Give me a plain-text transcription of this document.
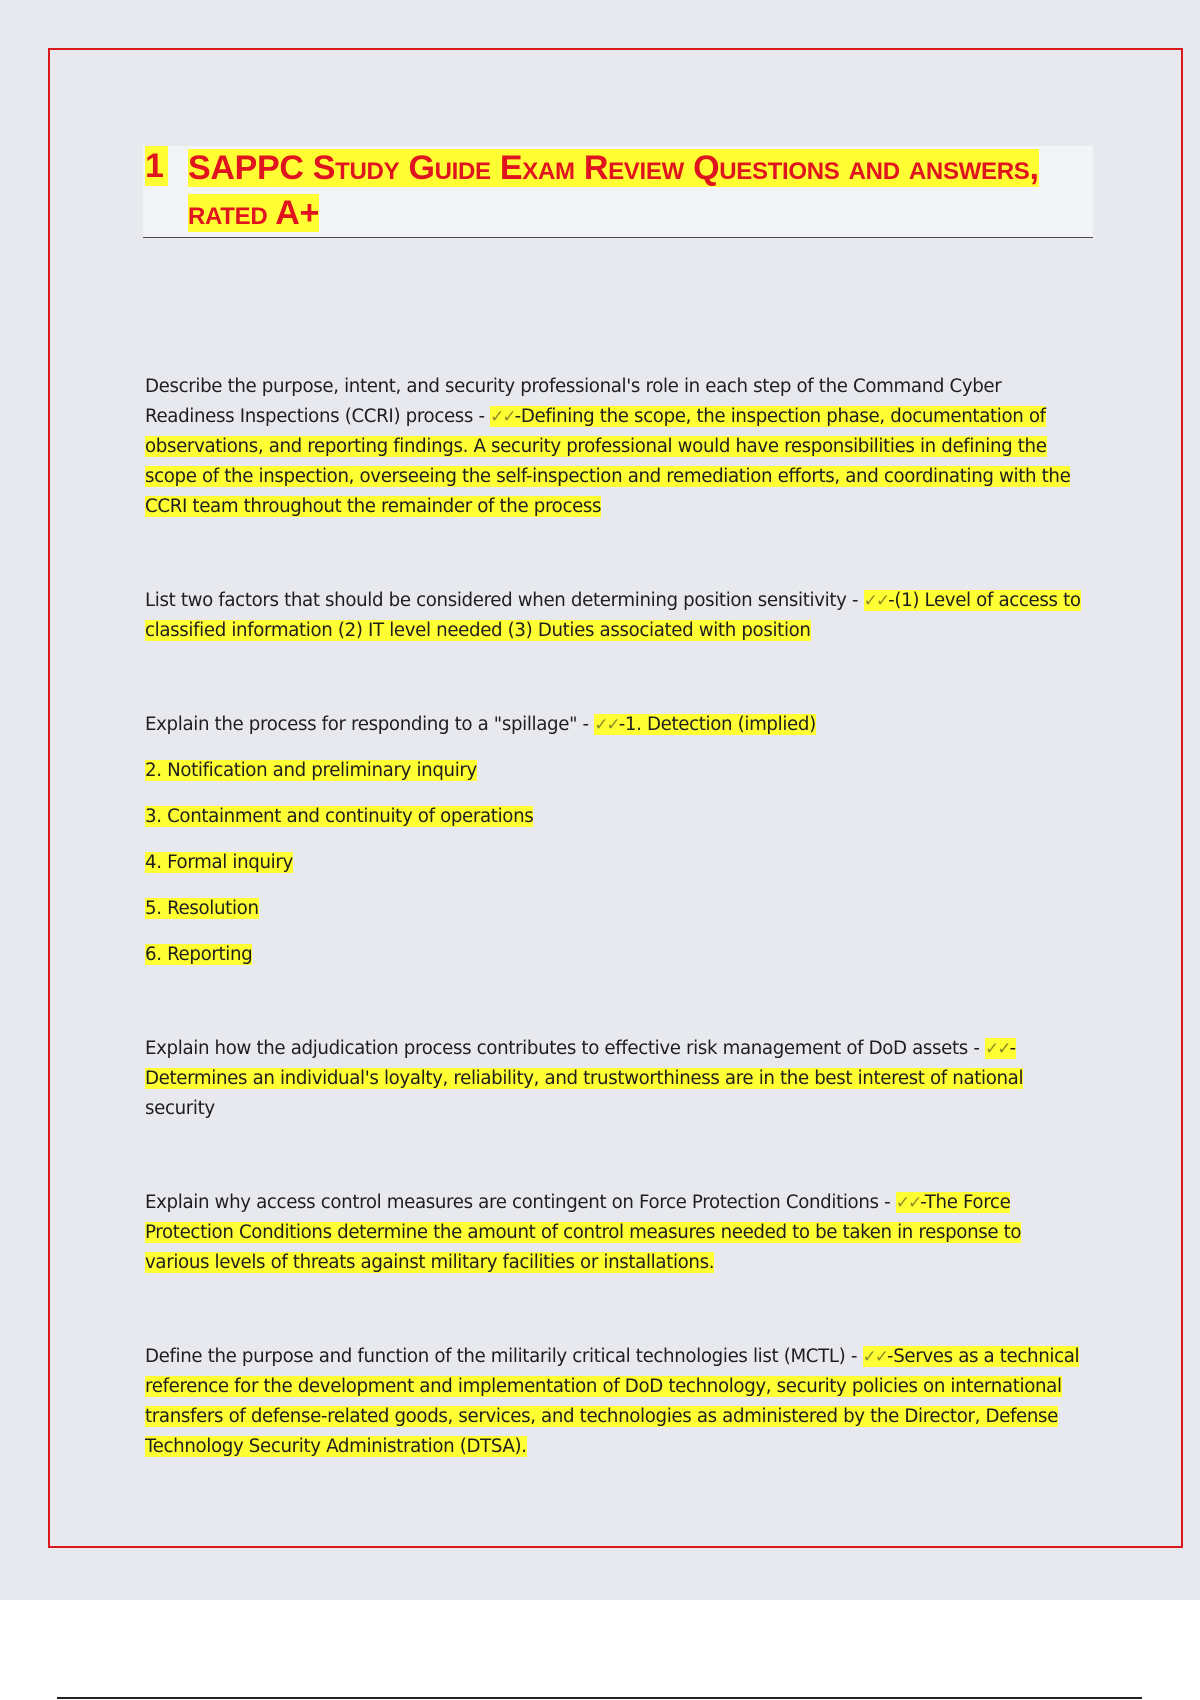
1 SAPPC Study Guide Exam Review Questions and answers, rated A+
Describe the purpose, intent, and security professional's role in each step of the Command Cyber Readiness Inspections (CCRI) process - ✓✓-Defining the scope, the inspection phase, documentation of observations, and reporting findings. A security professional would have responsibilities in defining the scope of the inspection, overseeing the self-inspection and remediation efforts, and coordinating with the CCRI team throughout the remainder of the process
List two factors that should be considered when determining position sensitivity - ✓✓-(1) Level of access to classified information (2) IT level needed (3) Duties associated with position
Explain the process for responding to a "spillage" - ✓✓-1. Detection (implied)
2. Notification and preliminary inquiry
3. Containment and continuity of operations
4. Formal inquiry
5. Resolution
6. Reporting
Explain how the adjudication process contributes to effective risk management of DoD assets - ✓✓-Determines an individual's loyalty, reliability, and trustworthiness are in the best interest of national security
Explain why access control measures are contingent on Force Protection Conditions - ✓✓-The Force Protection Conditions determine the amount of control measures needed to be taken in response to various levels of threats against military facilities or installations.
Define the purpose and function of the militarily critical technologies list (MCTL) - ✓✓-Serves as a technical reference for the development and implementation of DoD technology, security policies on international transfers of defense-related goods, services, and technologies as administered by the Director, Defense Technology Security Administration (DTSA).
